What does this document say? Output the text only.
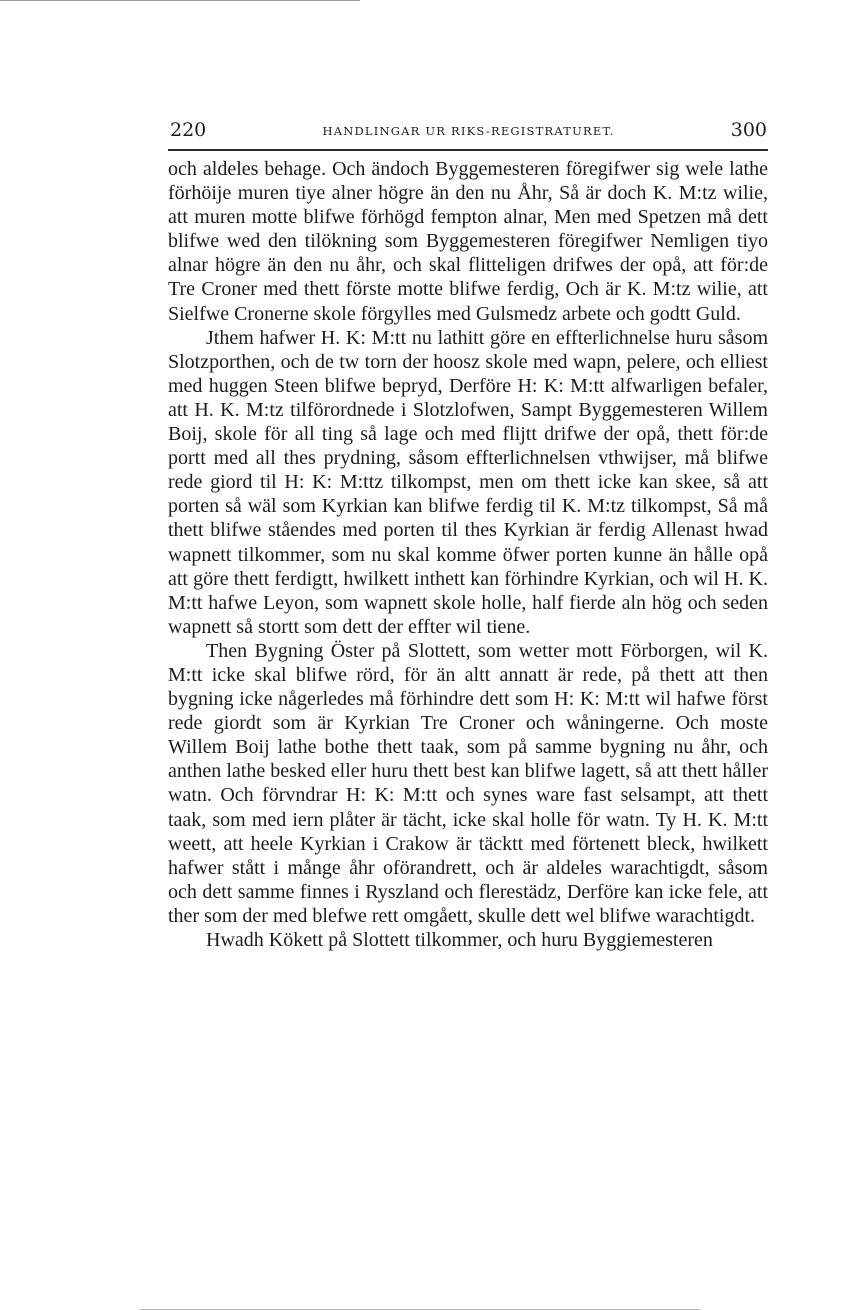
220	HANDLINGAR UR RIKS-REGISTRATURET.	300

och aldeles behage. Och ändoch Byggemesteren föregifwer sig wele lathe förhöije muren tiye alner högre än den nu Åhr, Så är doch K. M:tz wilie, att muren motte blifwe förhögd fempton alnar, Men med Spetzen må dett blifwe wed den tilökning som Byggemesteren föregifwer Nemligen tiyo alnar högre än den nu åhr, och skal flitteligen drifwes der opå, att för:de Tre Croner med thett förste motte blifwe ferdig, Och är K. M:tz wilie, att Sielfwe Cronerne skole förgylles med Gulsmedz arbete och godtt Guld.

Jthem hafwer H. K: M:tt nu lathitt göre en effterlichnelse huru såsom Slotzporthen, och de tw torn der hoosz skole med wapn, pelere, och elliest med huggen Steen blifwe bepryd, Derföre H: K: M:tt alfwarligen befaler, att H. K. M:tz tilförordnede i Slotzlofwen, Sampt Byggemesteren Willem Boij, skole för all ting så lage och med flijtt drifwe der opå, thett för:de portt med all thes prydning, såsom effterlichnelsen vthwijser, må blifwe rede giord til H: K: M:ttz tilkompst, men om thett icke kan skee, så att porten så wäl som Kyrkian kan blifwe ferdig til K. M:tz tilkompst, Så må thett blifwe ståendes med porten til thes Kyrkian är ferdig Allenast hwad wapnett tilkommer, som nu skal komme öfwer porten kunne än hålle opå att göre thett ferdigtt, hwilkett inthett kan förhindre Kyrkian, och wil H. K. M:tt hafwe Leyon, som wapnett skole holle, half fierde aln hög och seden wapnett så stortt som dett der effter wil tiene.

Then Bygning Öster på Slottett, som wetter mott Förborgen, wil K. M:tt icke skal blifwe rörd, för än altt annatt är rede, på thett att then bygning icke någerledes må förhindre dett som H: K: M:tt wil hafwe först rede giordt som är Kyrkian Tre Croner och wåningerne. Och moste Willem Boij lathe bothe thett taak, som på samme bygning nu åhr, och anthen lathe besked eller huru thett best kan blifwe lagett, så att thett håller watn. Och förvndrar H: K: M:tt och synes ware fast selsampt, att thett taak, som med iern plåter är tächt, icke skal holle för watn. Ty H. K. M:tt weett, att heele Kyrkian i Crakow är täcktt med förtenett bleck, hwilkett hafwer stått i månge åhr oförandrett, och är aldeles warachtigdt, såsom och dett samme finnes i Ryszland och flerestädz, Derföre kan icke fele, att ther som der med blefwe rett omgåett, skulle dett wel blifwe warachtigdt.

Hwadh Kökett på Slottett tilkommer, och huru Byggiemesteren
